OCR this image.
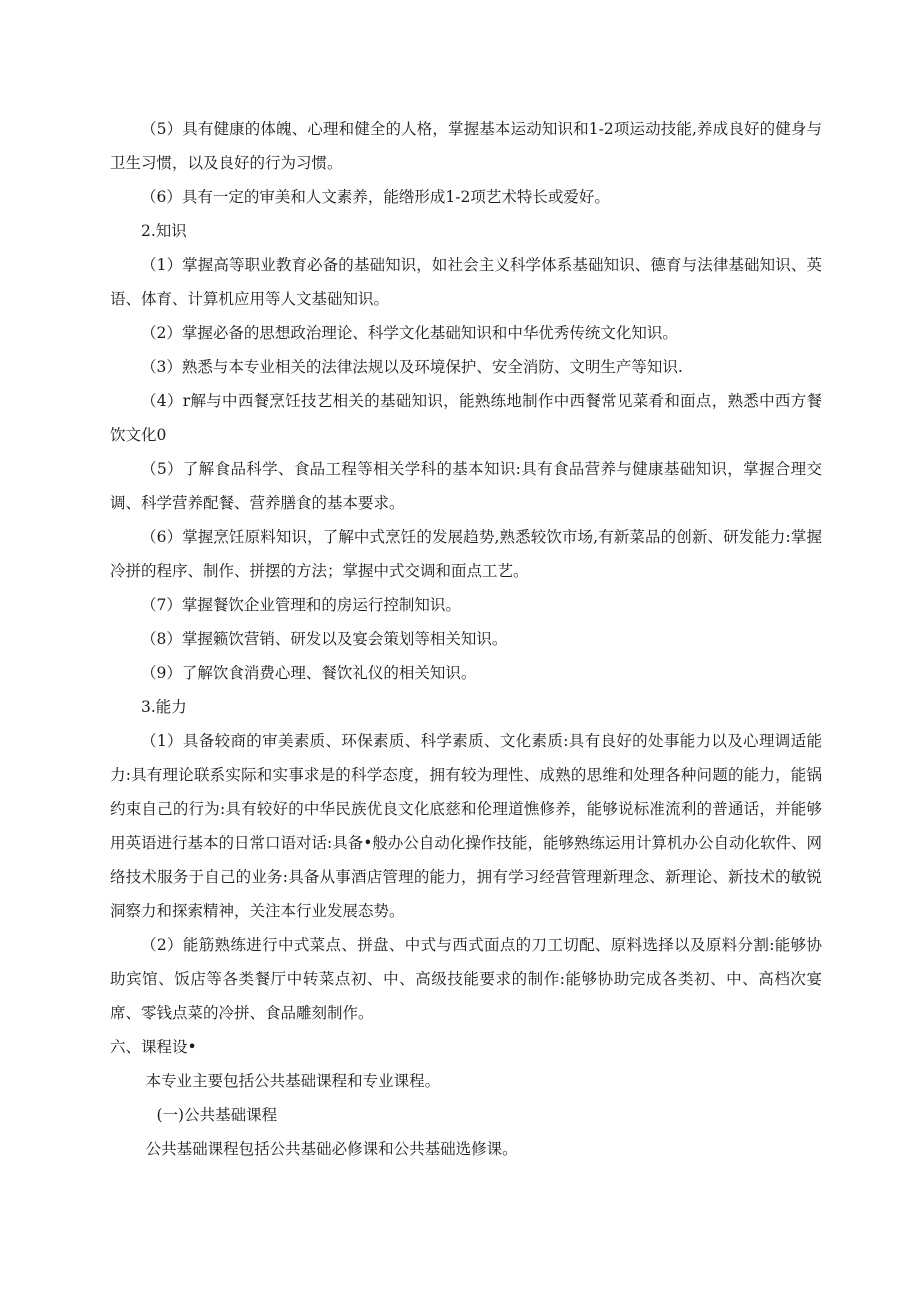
（5）具有健康的体魄、心理和健全的人格，掌握基本运动知识和1-2项运动技能,养成良好的健身与卫生习惯，以及良好的行为习惯。

（6）具有一定的审美和人文素养，能绺形成1-2项艺术特长或爱好。

2.知识

（1）掌握高等职业教育必备的基础知识，如社会主义科学体系基础知识、德育与法律基础知识、英语、体育、计算机应用等人文基础知识。

（2）掌握必备的思想政治理论、科学文化基础知识和中华优秀传统文化知识。

（3）熟悉与本专业相关的法律法规以及环境保护、安全消防、文明生产等知识.

（4）r解与中西餐烹饪技艺相关的基础知识，能熟练地制作中西餐常见菜肴和面点，熟悉中西方餐饮文化0

（5）了解食品科学、食品工程等相关学科的基本知识:具有食品营养与健康基础知识，掌握合理交调、科学营养配餐、营养膳食的基本要求。

（6）掌握烹饪原料知识，了解中式烹饪的发展趋势,熟悉较饮市场,有新菜品的创新、研发能力:掌握冷拼的程序、制作、拼摆的方法；掌握中式交调和面点工艺。

（7）掌握餐饮企业管理和的房运行控制知识。

（8）掌握籁饮营销、研发以及宴会策划等相关知识。

（9）了解饮食消费心理、餐饮礼仪的相关知识。

3.能力

（1）具备较商的审美素质、环保素质、科学素质、文化素质:具有良好的处事能力以及心理调适能力:具有理论联系实际和实事求是的科学态度，拥有较为理性、成熟的思维和处理各种问题的能力，能锅约束自己的行为:具有较好的中华民族优良文化底慈和伦理道憔修养，能够说标准流利的普通话，并能够用英语进行基本的日常口语对话:具备•般办公自动化操作技能，能够熟练运用计算机办公自动化软件、网络技术服务于自己的业务:具备从事酒店管理的能力，拥有学习经营管理新理念、新理论、新技术的敏锐洞察力和探索精神，关注本行业发展态势。

（2）能筋熟练进行中式菜点、拼盘、中式与西式面点的刀工切配、原料选择以及原料分割:能够协助宾馆、饭店等各类餐厅中转菜点初、中、高级技能要求的制作:能够协助完成各类初、中、高档次宴席、零钱点菜的冷拼、食品雕刻制作。

六、课程设•

本专业主要包括公共基础课程和专业课程。

(一)公共基础课程

公共基础课程包括公共基础必修课和公共基础选修课。
